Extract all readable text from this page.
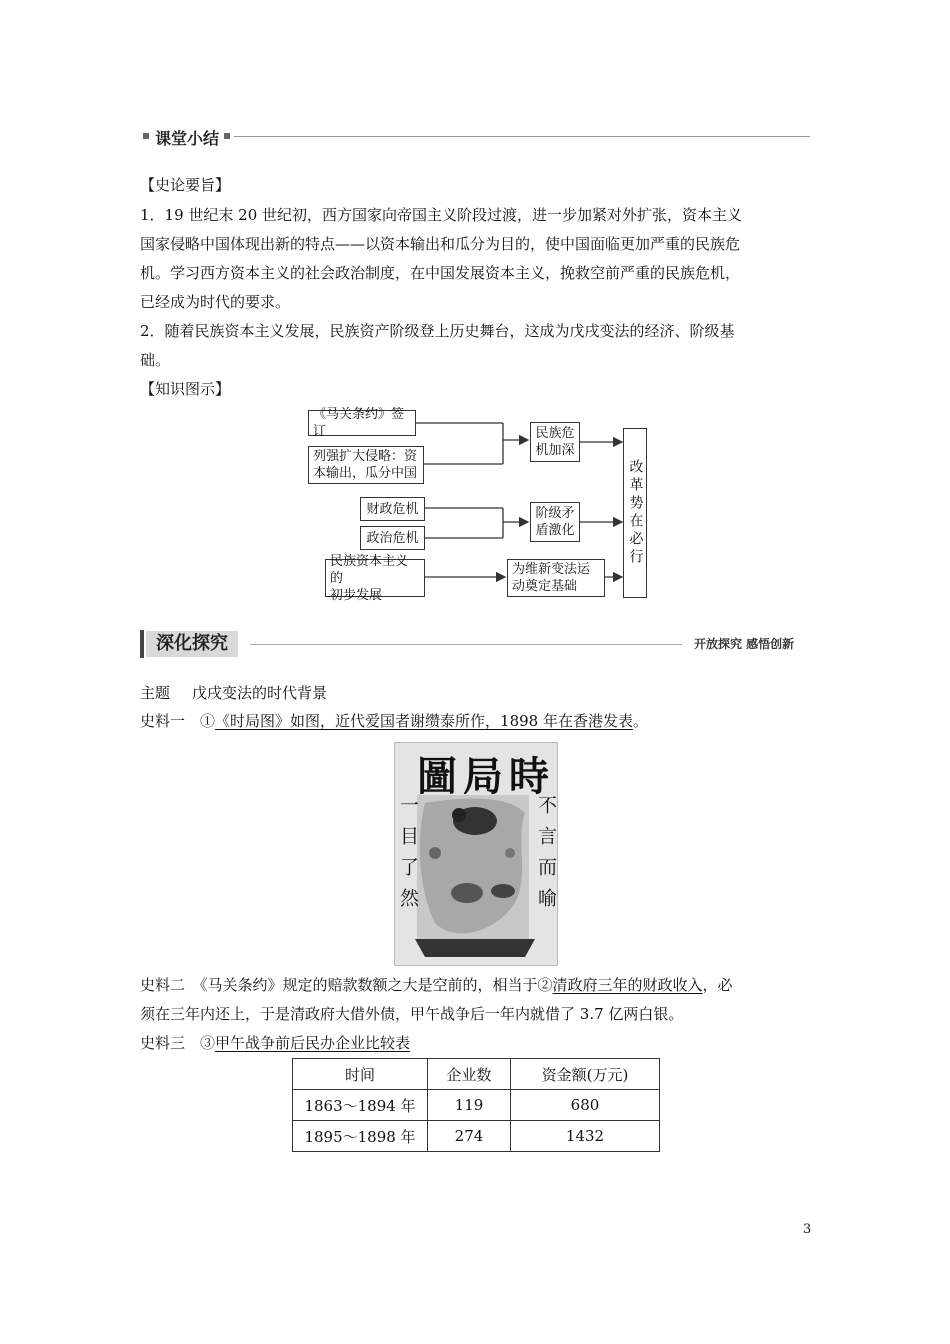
课堂小结
【史论要旨】
1．19 世纪末 20 世纪初，西方国家向帝国主义阶段过渡，进一步加紧对外扩张，资本主义
国家侵略中国体现出新的特点——以资本输出和瓜分为目的，使中国面临更加严重的民族危
机。学习西方资本主义的社会政治制度，在中国发展资本主义，挽救空前严重的民族危机，
已经成为时代的要求。
2．随着民族资本主义发展，民族资产阶级登上历史舞台，这成为戊戌变法的经济、阶级基
础。
【知识图示】
《马关条约》签订
列强扩大侵略：资
本输出，瓜分中国
财政危机
政治危机
民族资本主义的
初步发展
民族危
机加深
阶级矛
盾激化
为维新变法运
动奠定基础
改革势在必行
深化探究	开放探究 感悟创新
主题 戊戌变法的时代背景
史料一　 ①《时局图》如图，近代爱国者谢缵泰所作，1898 年在香港发表。
圖局時
一目了然	不言而喻
史料二　《马关条约》规定的赔款数额之大是空前的，相当于②清政府三年的财政收入，必
须在三年内还上，于是清政府大借外债，甲午战争后一年内就借了 3.7 亿两白银。
史料三　 ③甲午战争前后民办企业比较表
时间	企业数	资金额(万元)
1863～1894 年	119	680
1895～1898 年	274	1432
3
